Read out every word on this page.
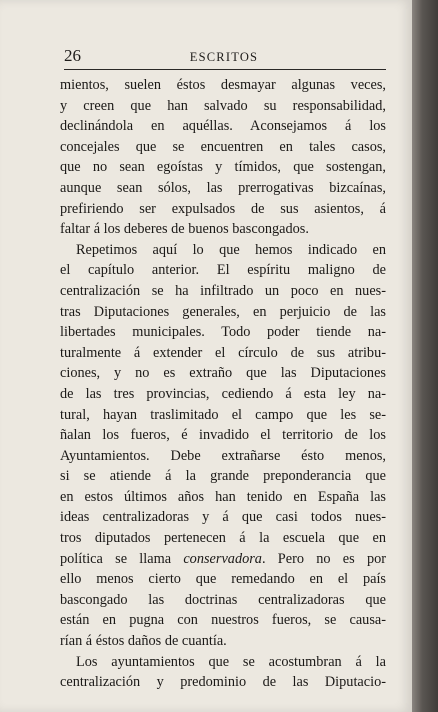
26	ESCRITOS
mientos, suelen éstos desmayar algunas veces,
y creen que han salvado su responsabilidad,
declinándola en aquéllas. Aconsejamos á los
concejales que se encuentren en tales casos,
que no sean egoístas y tímidos, que sostengan,
aunque sean sólos, las prerrogativas bizcaínas,
prefiriendo ser expulsados de sus asientos, á
faltar á los deberes de buenos bascongados.
Repetimos aquí lo que hemos indicado en
el capítulo anterior. El espíritu maligno de
centralización se ha infiltrado un poco en nues-
tras Diputaciones generales, en perjuicio de las
libertades municipales. Todo poder tiende na-
turalmente á extender el círculo de sus atribu-
ciones, y no es extraño que las Diputaciones
de las tres provincias, cediendo á esta ley na-
tural, hayan traslimitado el campo que les se-
ñalan los fueros, é invadido el territorio de los
Ayuntamientos. Debe extrañarse ésto menos,
si se atiende á la grande preponderancia que
en estos últimos años han tenido en España las
ideas centralizadoras y á que casi todos nues-
tros diputados pertenecen á la escuela que en
política se llama conservadora. Pero no es por
ello menos cierto que remedando en el país
bascongado las doctrinas centralizadoras que
están en pugna con nuestros fueros, se causa-
rían á éstos daños de cuantía.
Los ayuntamientos que se acostumbran á la
centralización y predominio de las Diputacio-
